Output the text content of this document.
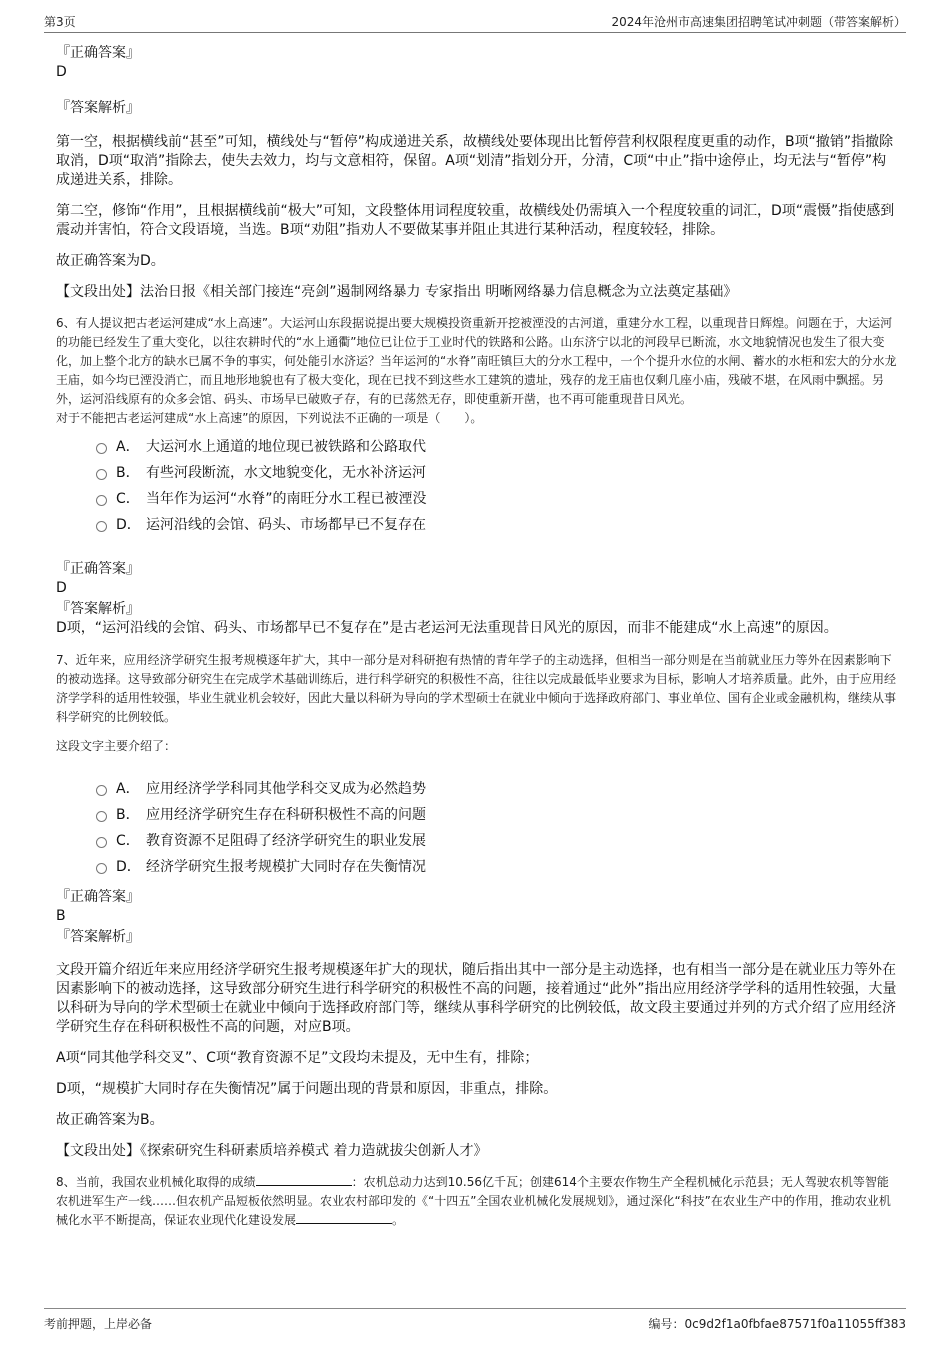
第3页	2024年沧州市高速集团招聘笔试冲刺题（带答案解析）
『正确答案』
D
『答案解析』
第一空，根据横线前“甚至”可知，横线处与“暂停”构成递进关系，故横线处要体现出比暂停营利权限程度更重的动作，B项“撤销”指撤除取消，D项“取消”指除去，使失去效力，均与文意相符，保留。A项“划清”指划分开，分清，C项“中止”指中途停止，均无法与“暂停”构成递进关系，排除。
第二空，修饰“作用”，且根据横线前“极大”可知，文段整体用词程度较重，故横线处仍需填入一个程度较重的词汇，D项“震慑”指使感到震动并害怕，符合文段语境，当选。B项“劝阻”指劝人不要做某事并阻止其进行某种活动，程度较轻，排除。
故正确答案为D。
【文段出处】法治日报《相关部门接连“亮剑”遏制网络暴力 专家指出 明晰网络暴力信息概念为立法奠定基础》
6、有人提议把古老运河建成“水上高速”。大运河山东段据说提出要大规模投资重新开挖被湮没的古河道，重建分水工程，以重现昔日辉煌。问题在于，大运河的功能已经发生了重大变化，以往农耕时代的“水上通衢”地位已让位于工业时代的铁路和公路。山东济宁以北的河段早已断流，水文地貌情况也发生了很大变化，加上整个北方的缺水已属不争的事实，何处能引水济运？当年运河的“水脊”南旺镇巨大的分水工程中，一个个提升水位的水闸、蓄水的水柜和宏大的分水龙王庙，如今均已湮没消亡，而且地形地貌也有了极大变化，现在已找不到这些水工建筑的遗址，残存的龙王庙也仅剩几座小庙，残破不堪，在风雨中飘摇。另外，运河沿线原有的众多会馆、码头、市场早已破败孑存，有的已荡然无存，即使重新开凿，也不再可能重现昔日风光。
对于不能把古老运河建成“水上高速”的原因，下列说法不正确的一项是（　　）。
A． 大运河水上通道的地位现已被铁路和公路取代
B． 有些河段断流，水文地貌变化，无水补济运河
C． 当年作为运河“水脊”的南旺分水工程已被湮没
D． 运河沿线的会馆、码头、市场都早已不复存在
『正确答案』
D
『答案解析』
D项，“运河沿线的会馆、码头、市场都早已不复存在”是古老运河无法重现昔日风光的原因，而非不能建成“水上高速”的原因。
7、近年来，应用经济学研究生报考规模逐年扩大，其中一部分是对科研抱有热情的青年学子的主动选择，但相当一部分则是在当前就业压力等外在因素影响下的被动选择。这导致部分研究生在完成学术基础训练后，进行科学研究的积极性不高，往往以完成最低毕业要求为目标，影响人才培养质量。此外，由于应用经济学学科的适用性较强，毕业生就业机会较好，因此大量以科研为导向的学术型硕士在就业中倾向于选择政府部门、事业单位、国有企业或金融机构，继续从事科学研究的比例较低。
这段文字主要介绍了：
A． 应用经济学学科同其他学科交叉成为必然趋势
B． 应用经济学研究生存在科研积极性不高的问题
C． 教育资源不足阻碍了经济学研究生的职业发展
D． 经济学研究生报考规模扩大同时存在失衡情况
『正确答案』
B
『答案解析』
文段开篇介绍近年来应用经济学研究生报考规模逐年扩大的现状，随后指出其中一部分是主动选择，也有相当一部分是在就业压力等外在因素影响下的被动选择，这导致部分研究生进行科学研究的积极性不高的问题，接着通过“此外”指出应用经济学学科的适用性较强，大量以科研为导向的学术型硕士在就业中倾向于选择政府部门等，继续从事科学研究的比例较低，故文段主要通过并列的方式介绍了应用经济学研究生存在科研积极性不高的问题，对应B项。
A项“同其他学科交叉”、C项“教育资源不足”文段均未提及，无中生有，排除；
D项，“规模扩大同时存在失衡情况”属于问题出现的背景和原因，非重点，排除。
故正确答案为B。
【文段出处】《探索研究生科研素质培养模式 着力造就拔尖创新人才》
8、当前，我国农业机械化取得的成绩	：农机总动力达到10.56亿千瓦；创建614个主要农作物生产全程机械化示范县；无人驾驶农机等智能农机进军生产一线……但农机产品短板依然明显。农业农村部印发的《“十四五”全国农业机械化发展规划》，通过深化“科技”在农业生产中的作用，推动农业机械化水平不断提高，保证农业现代化建设发展	。
考前押题，上岸必备	编号：0c9d2f1a0fbfae87571f0a11055ff383
